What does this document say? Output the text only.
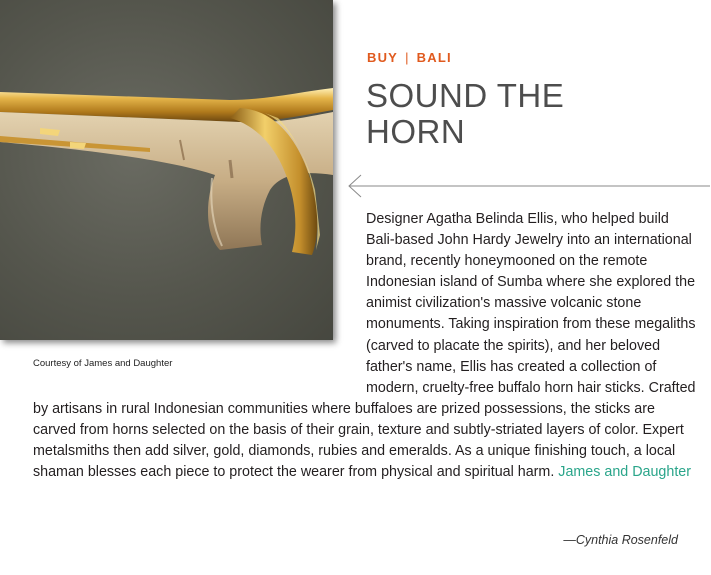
Courtesy of James and Daughter
BUY | BALI
SOUND THE
HORN

Designer Agatha Belinda Ellis, who helped build Bali-based John Hardy Jewelry into an international brand, recently honeymooned on the remote Indonesian island of Sumba where she explored the animist civilization's massive volcanic stone monuments. Taking inspiration from these megaliths (carved to placate the spirits), and her beloved father's name, Ellis has created a collection of modern, cruelty-free buffalo horn hair sticks. Crafted by artisans in rural Indonesian communities where buffaloes are prized possessions, the sticks are carved from horns selected on the basis of their grain, texture and subtly-striated layers of color. Expert metalsmiths then add silver, gold, diamonds, rubies and emeralds. As a unique finishing touch, a local shaman blesses each piece to protect the wearer from physical and spiritual harm. James and Daughter

—Cynthia Rosenfeld
